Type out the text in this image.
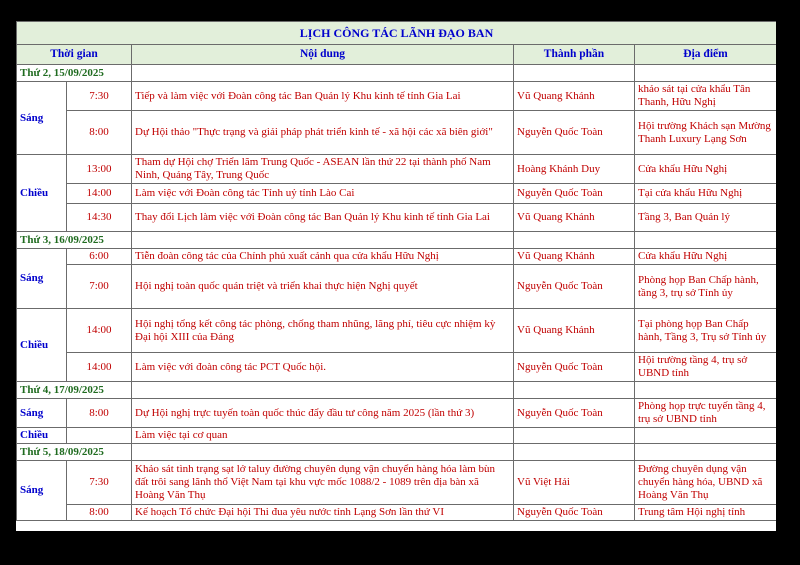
LỊCH CÔNG TÁC LÃNH ĐẠO BAN				
Thời gian		Nội dung	Thành phần	Địa điểm
Thứ 2, 15/09/2025				
Sáng	7:30	Tiếp và làm việc với Đoàn công tác Ban Quản lý Khu kinh tế tỉnh Gia Lai	Vũ Quang Khánh	khảo sát tại cửa khẩu Tân Thanh, Hữu Nghị
	8:00	Dự Hội thảo "Thực trạng và giải pháp phát triển kinh tế - xã hội các xã biên giới"	Nguyễn Quốc Toàn	Hội trường Khách sạn Mường Thanh Luxury Lạng Sơn
Chiều	13:00	Tham dự Hội chợ Triển lãm Trung Quốc - ASEAN lần thứ 22 tại thành phố Nam Ninh, Quảng Tây, Trung Quốc	Hoàng Khánh Duy	Cửa khẩu Hữu Nghị
	14:00	Làm việc với Đoàn công tác Tỉnh uỷ tỉnh Lào Cai	Nguyễn Quốc Toàn	Tại cửa khẩu Hữu Nghị
	14:30	Thay đổi Lịch làm việc với Đoàn công tác Ban Quản lý Khu kinh tế tỉnh Gia Lai	Vũ Quang Khánh	Tầng 3, Ban Quản lý
Thứ 3, 16/09/2025				
Sáng	6:00	Tiễn đoàn công tác của Chính phủ xuất cảnh qua cửa khẩu Hữu Nghị	Vũ Quang Khánh	Cửa khẩu Hữu Nghị
	7:00	Hội nghị toàn quốc quán triệt và triển khai thực hiện Nghị quyết	Nguyễn Quốc Toàn	Phòng họp Ban Chấp hành, tầng 3, trụ sở Tỉnh ủy
Chiều	14:00	Hội nghị tổng kết công tác phòng, chống tham nhũng, lãng phí, tiêu cực nhiệm kỳ Đại hội XIII của Đảng	Vũ Quang Khánh	Tại phòng họp Ban Chấp hành, Tầng 3, Trụ sở Tỉnh ủy
	14:00	Làm việc với đoàn công tác PCT Quốc hội.	Nguyễn Quốc Toàn	Hội trường tầng 4, trụ sở UBND tỉnh
Thứ 4, 17/09/2025				
Sáng	8:00	Dự Hội nghị trực tuyến toàn quốc thúc đẩy đầu tư công năm 2025 (lần thứ 3)	Nguyễn Quốc Toàn	Phòng họp trực tuyến tầng 4, trụ sở UBND tỉnh
Chiều		Làm việc tại cơ quan		
Thứ 5, 18/09/2025				
Sáng	7:30	Khảo sát tình trạng sạt lở taluy đường chuyên dụng vận chuyển hàng hóa làm bùn đất trôi sang lãnh thổ Việt Nam tại khu vực mốc 1088/2 - 1089 trên địa bàn xã Hoàng Văn Thụ	Vũ Việt Hải	Đường chuyên dụng vận chuyển hàng hóa, UBND xã Hoàng Văn Thụ
	8:00	Kế hoạch Tổ chức Đại hội Thi đua yêu nước tỉnh Lạng Sơn lần thứ VI	Nguyễn Quốc Toàn	Trung tâm Hội nghị tỉnh
